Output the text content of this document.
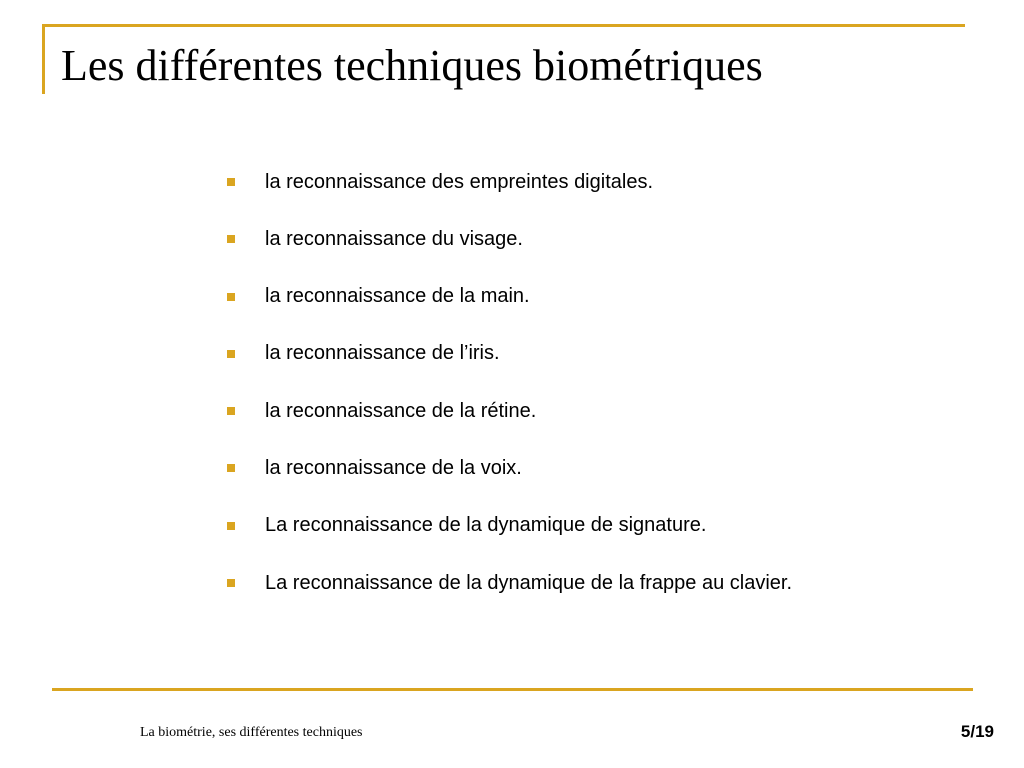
Les différentes techniques biométriques
la reconnaissance des empreintes digitales.
la reconnaissance du visage.
la reconnaissance de la main.
la reconnaissance de l’iris.
la reconnaissance de la rétine.
la reconnaissance de la voix.
La reconnaissance de la dynamique de signature.
La reconnaissance de la dynamique de la frappe au clavier.
La biométrie, ses différentes techniques	5/19
